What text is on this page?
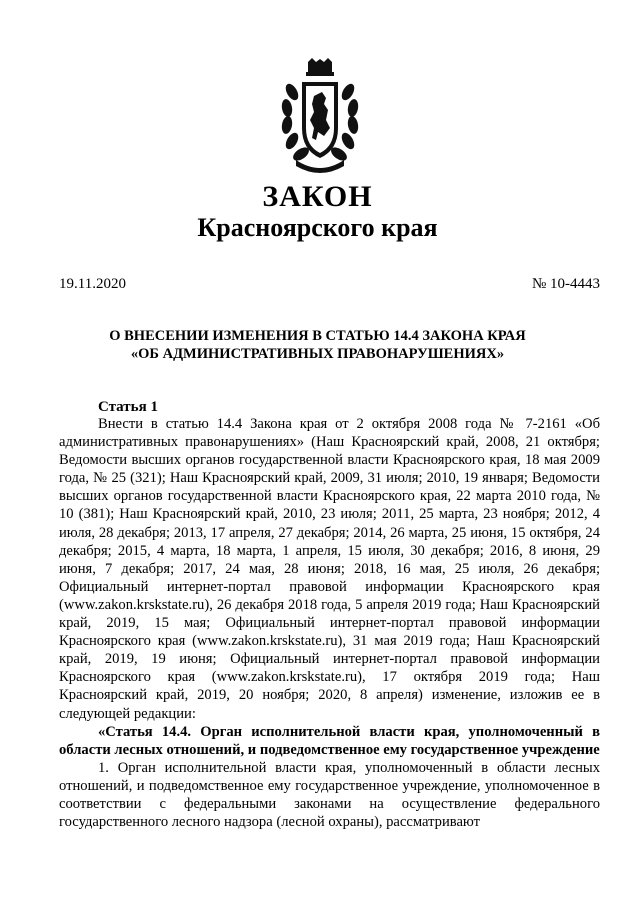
ЗАКОН
Красноярского края
19.11.2020	№ 10-4443
О ВНЕСЕНИИ ИЗМЕНЕНИЯ В СТАТЬЮ 14.4 ЗАКОНА КРАЯ
«ОБ АДМИНИСТРАТИВНЫХ ПРАВОНАРУШЕНИЯХ»
Статья 1

Внести в статью 14.4 Закона края от 2 октября 2008 года № 7-2161 «Об административных правонарушениях» (Наш Красноярский край, 2008, 21 октября; Ведомости высших органов государственной власти Красноярского края, 18 мая 2009 года, № 25 (321); Наш Красноярский край, 2009, 31 июля; 2010, 19 января; Ведомости высших органов государственной власти Красноярского края, 22 марта 2010 года, № 10 (381); Наш Красноярский край, 2010, 23 июля; 2011, 25 марта, 23 ноября; 2012, 4 июля, 28 декабря; 2013, 17 апреля, 27 декабря; 2014, 26 марта, 25 июня, 15 октября, 24 декабря; 2015, 4 марта, 18 марта, 1 апреля, 15 июля, 30 декабря; 2016, 8 июня, 29 июня, 7 декабря; 2017, 24 мая, 28 июня; 2018, 16 мая, 25 июля, 26 декабря; Официальный интернет-портал правовой информации Красноярского края (www.zakon.krskstate.ru), 26 декабря 2018 года, 5 апреля 2019 года; Наш Красноярский край, 2019, 15 мая; Официальный интернет-портал правовой информации Красноярского края (www.zakon.krskstate.ru), 31 мая 2019 года; Наш Красноярский край, 2019, 19 июня; Официальный интернет-портал правовой информации Красноярского края (www.zakon.krskstate.ru), 17 октября 2019 года; Наш Красноярский край, 2019, 20 ноября; 2020, 8 апреля) изменение, изложив ее в следующей редакции:

«Статья 14.4. Орган исполнительной власти края, уполномоченный в области лесных отношений, и подведомственное ему государственное учреждение

1. Орган исполнительной власти края, уполномоченный в области лесных отношений, и подведомственное ему государственное учреждение, уполномоченное в соответствии с федеральными законами на осуществление федерального государственного лесного надзора (лесной охраны), рассматривают
